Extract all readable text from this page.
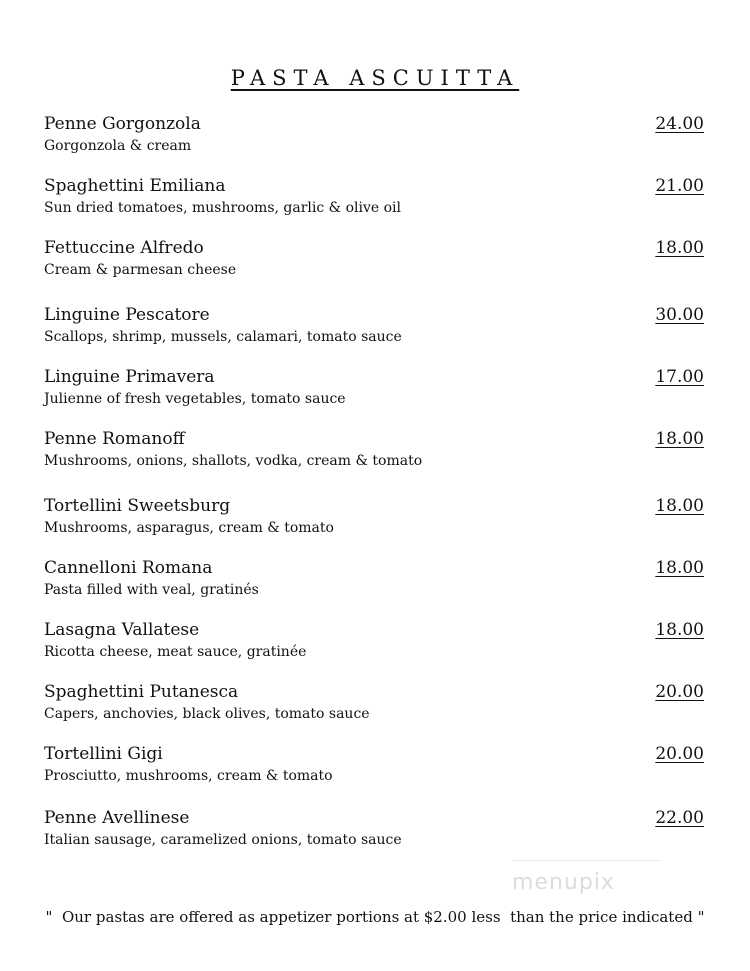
PASTA ASCUITTA
Penne Gorgonzola	24.00
Gorgonzola & cream
Spaghettini Emiliana	21.00
Sun dried tomatoes, mushrooms, garlic & olive oil
Fettuccine Alfredo	18.00
Cream & parmesan cheese
Linguine Pescatore	30.00
Scallops, shrimp, mussels, calamari, tomato sauce
Linguine Primavera	17.00
Julienne of fresh vegetables, tomato sauce
Penne Romanoff	18.00
Mushrooms, onions, shallots, vodka, cream & tomato
Tortellini Sweetsburg	18.00
Mushrooms, asparagus, cream & tomato
Cannelloni Romana	18.00
Pasta filled with veal, gratinés
Lasagna Vallatese	18.00
Ricotta cheese, meat sauce, gratinée
Spaghettini Putanesca	20.00
Capers, anchovies, black olives, tomato sauce
Tortellini Gigi	20.00
Prosciutto, mushrooms, cream & tomato
Penne Avellinese	22.00
Italian sausage, caramelized onions, tomato sauce
menupix
"  Our pastas are offered as appetizer portions at $2.00 less  than the price indicated "
